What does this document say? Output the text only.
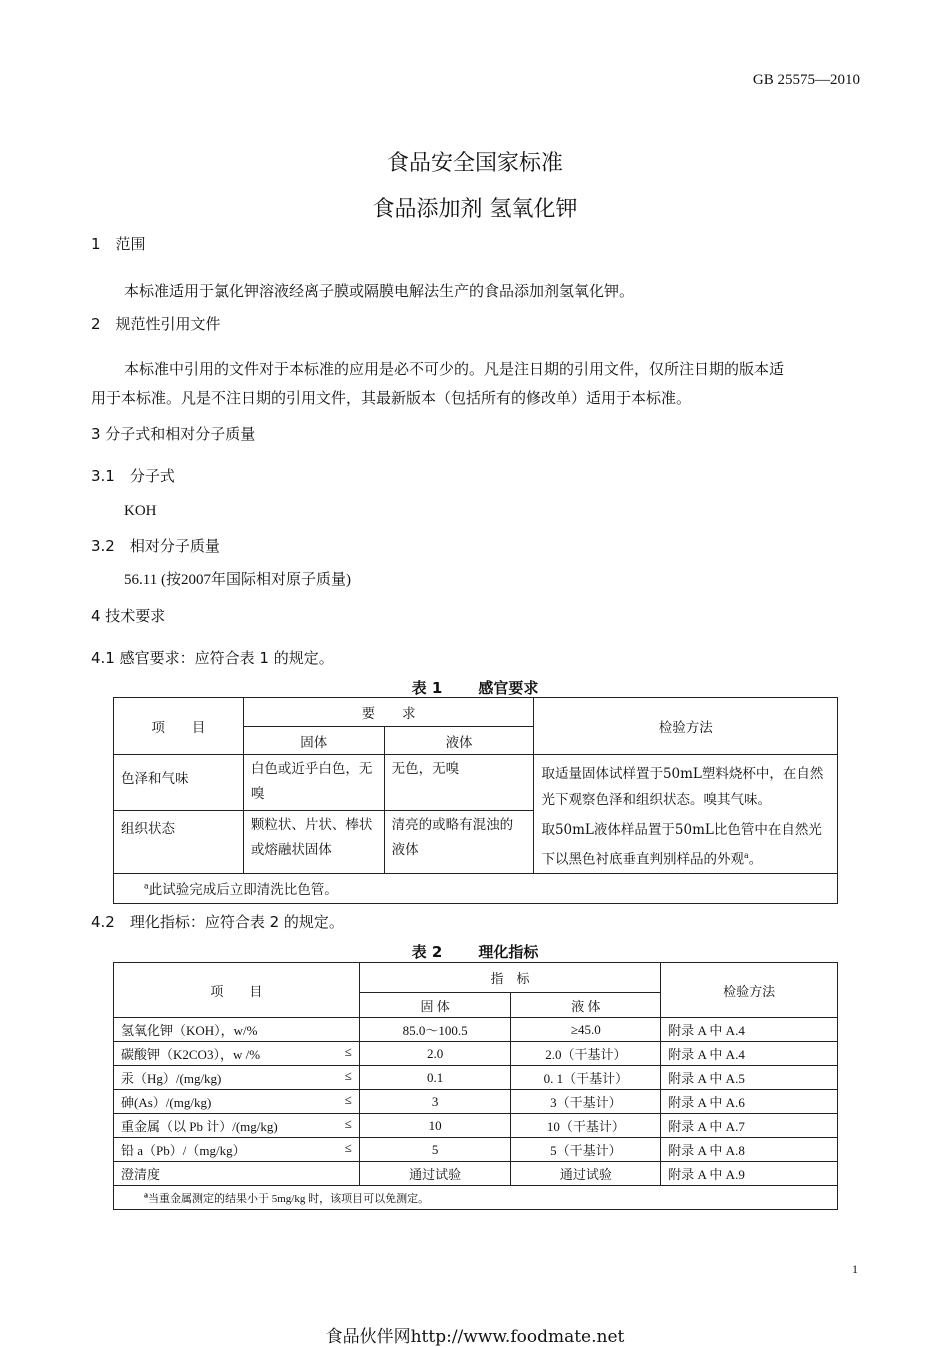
GB 25575—2010
食品安全国家标准
食品添加剂 氢氧化钾
1　范围
本标准适用于氯化钾溶液经离子膜或隔膜电解法生产的食品添加剂氢氧化钾。
2　规范性引用文件
本标准中引用的文件对于本标准的应用是必不可少的。凡是注日期的引用文件，仅所注日期的版本适
用于本标准。凡是不注日期的引用文件，其最新版本（包括所有的修改单）适用于本标准。
3 分子式和相对分子质量
3.1　分子式
KOH
3.2　相对分子质量
56.11 (按2007年国际相对原子质量)
4 技术要求
4.1 感官要求：应符合表 1 的规定。
表 1 感官要求
项　　目	要　　求		检验方法
	固体	液体	
色泽和气味	白色或近乎白色，无嗅	无色，无嗅	取适量固体试样置于50mL塑料烧杯中，在自然光下观察色泽和组织状态。嗅其气味。
取50mL液体样品置于50mL比色管中在自然光下以黑色衬底垂直判别样品的外观$^a$。

组织状态	颗粒状、片状、棒状或熔融状固体	清亮的或略有混浊的液体	
$^a$此试验完成后立即清洗比色管。			
4.2　理化指标：应符合表 2 的规定。
表 2 理化指标
项　　目	指　标		检验方法
	固 体	液 体	
氢氧化钾（KOH），w/%	85.0～100.5	≥45.0	附录 A 中 A.4
碳酸钾（K2CO3），w /% ≤	2.0	2.0（干基计）	附录 A 中 A.4
汞（Hg）/(mg/kg) ≤	0.1	0. 1（干基计）	附录 A 中 A.5
砷(As）/(mg/kg) ≤	3	3（干基计）	附录 A 中 A.6
重金属（以 Pb 计）/(mg/kg) ≤	10	10（干基计）	附录 A 中 A.7
铅 a（Pb）/（mg/kg） ≤	5	5（干基计）	附录 A 中 A.8
澄清度	通过试验	通过试验	附录 A 中 A.9
$^a$当重金属测定的结果小于 5mg/kg 时，该项目可以免测定。			
1
食品伙伴网http://www.foodmate.net
